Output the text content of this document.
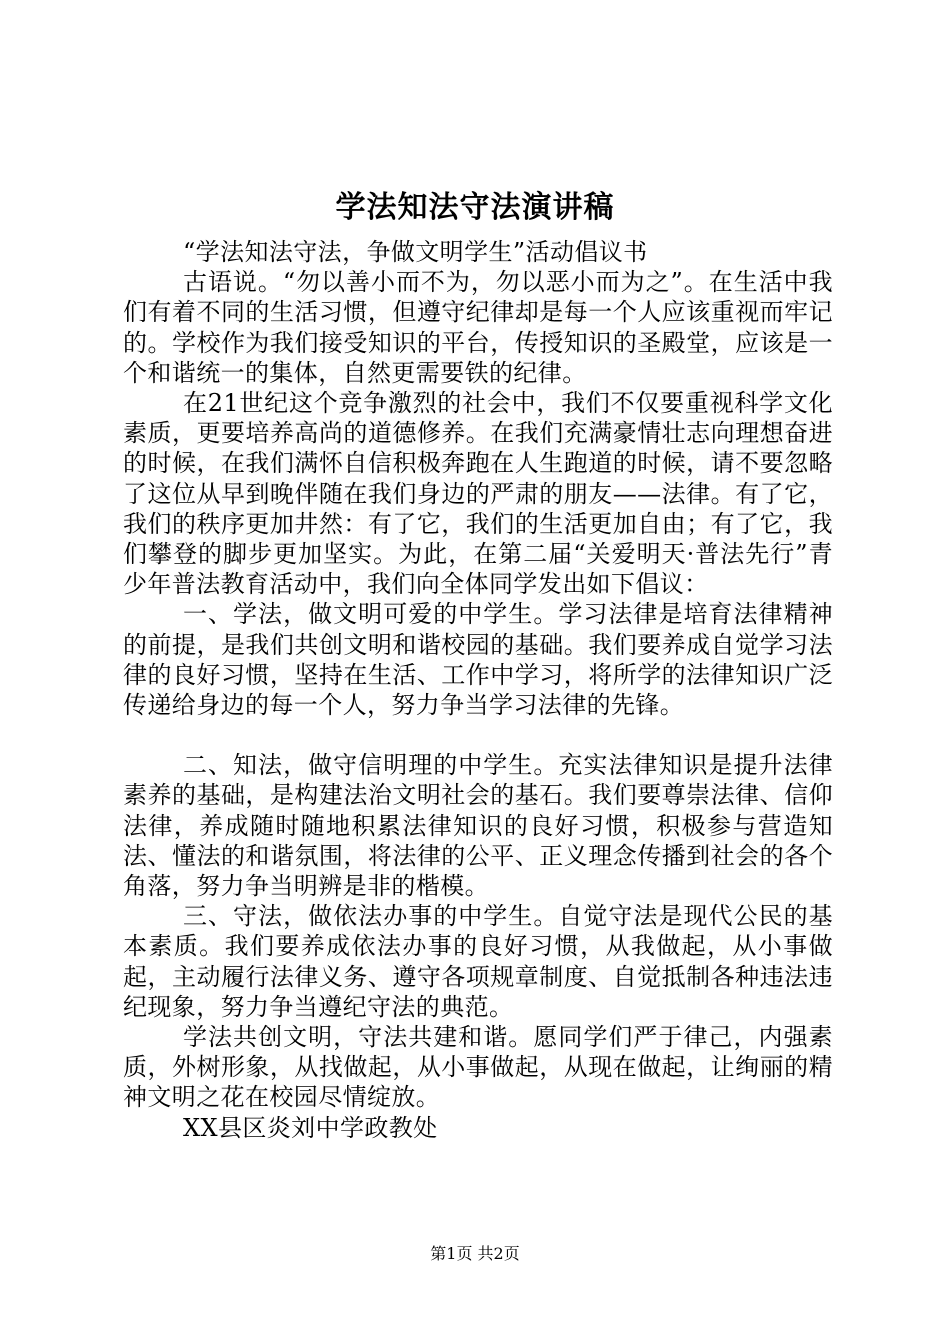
学法知法守法演讲稿

“学法知法守法，争做文明学生”活动倡议书

古语说。“勿以善小而不为，勿以恶小而为之”。在生活中我们有着不同的生活习惯，但遵守纪律却是每一个人应该重视而牢记的。学校作为我们接受知识的平台，传授知识的圣殿堂，应该是一个和谐统一的集体，自然更需要铁的纪律。

在21世纪这个竞争激烈的社会中，我们不仅要重视科学文化素质，更要培养高尚的道德修养。在我们充满豪情壮志向理想奋进的时候，在我们满怀自信积极奔跑在人生跑道的时候，请不要忽略了这位从早到晚伴随在我们身边的严肃的朋友——法律。有了它，我们的秩序更加井然：有了它，我们的生活更加自由；有了它，我们攀登的脚步更加坚实。为此，在第二届“关爱明天·普法先行”青少年普法教育活动中，我们向全体同学发出如下倡议：

一、学法，做文明可爱的中学生。学习法律是培育法律精神的前提，是我们共创文明和谐校园的基础。我们要养成自觉学习法律的良好习惯，坚持在生活、工作中学习，将所学的法律知识广泛传递给身边的每一个人，努力争当学习法律的先锋。

二、知法，做守信明理的中学生。充实法律知识是提升法律素养的基础，是构建法治文明社会的基石。我们要尊崇法律、信仰法律，养成随时随地积累法律知识的良好习惯，积极参与营造知法、懂法的和谐氛围，将法律的公平、正义理念传播到社会的各个角落，努力争当明辨是非的楷模。

三、守法，做依法办事的中学生。自觉守法是现代公民的基本素质。我们要养成依法办事的良好习惯，从我做起，从小事做起，主动履行法律义务、遵守各项规章制度、自觉抵制各种违法违纪现象，努力争当遵纪守法的典范。

学法共创文明，守法共建和谐。愿同学们严于律己，内强素质，外树形象，从找做起，从小事做起，从现在做起，让绚丽的精神文明之花在校园尽情绽放。

XX县区炎刘中学政教处

第1页 共2页
